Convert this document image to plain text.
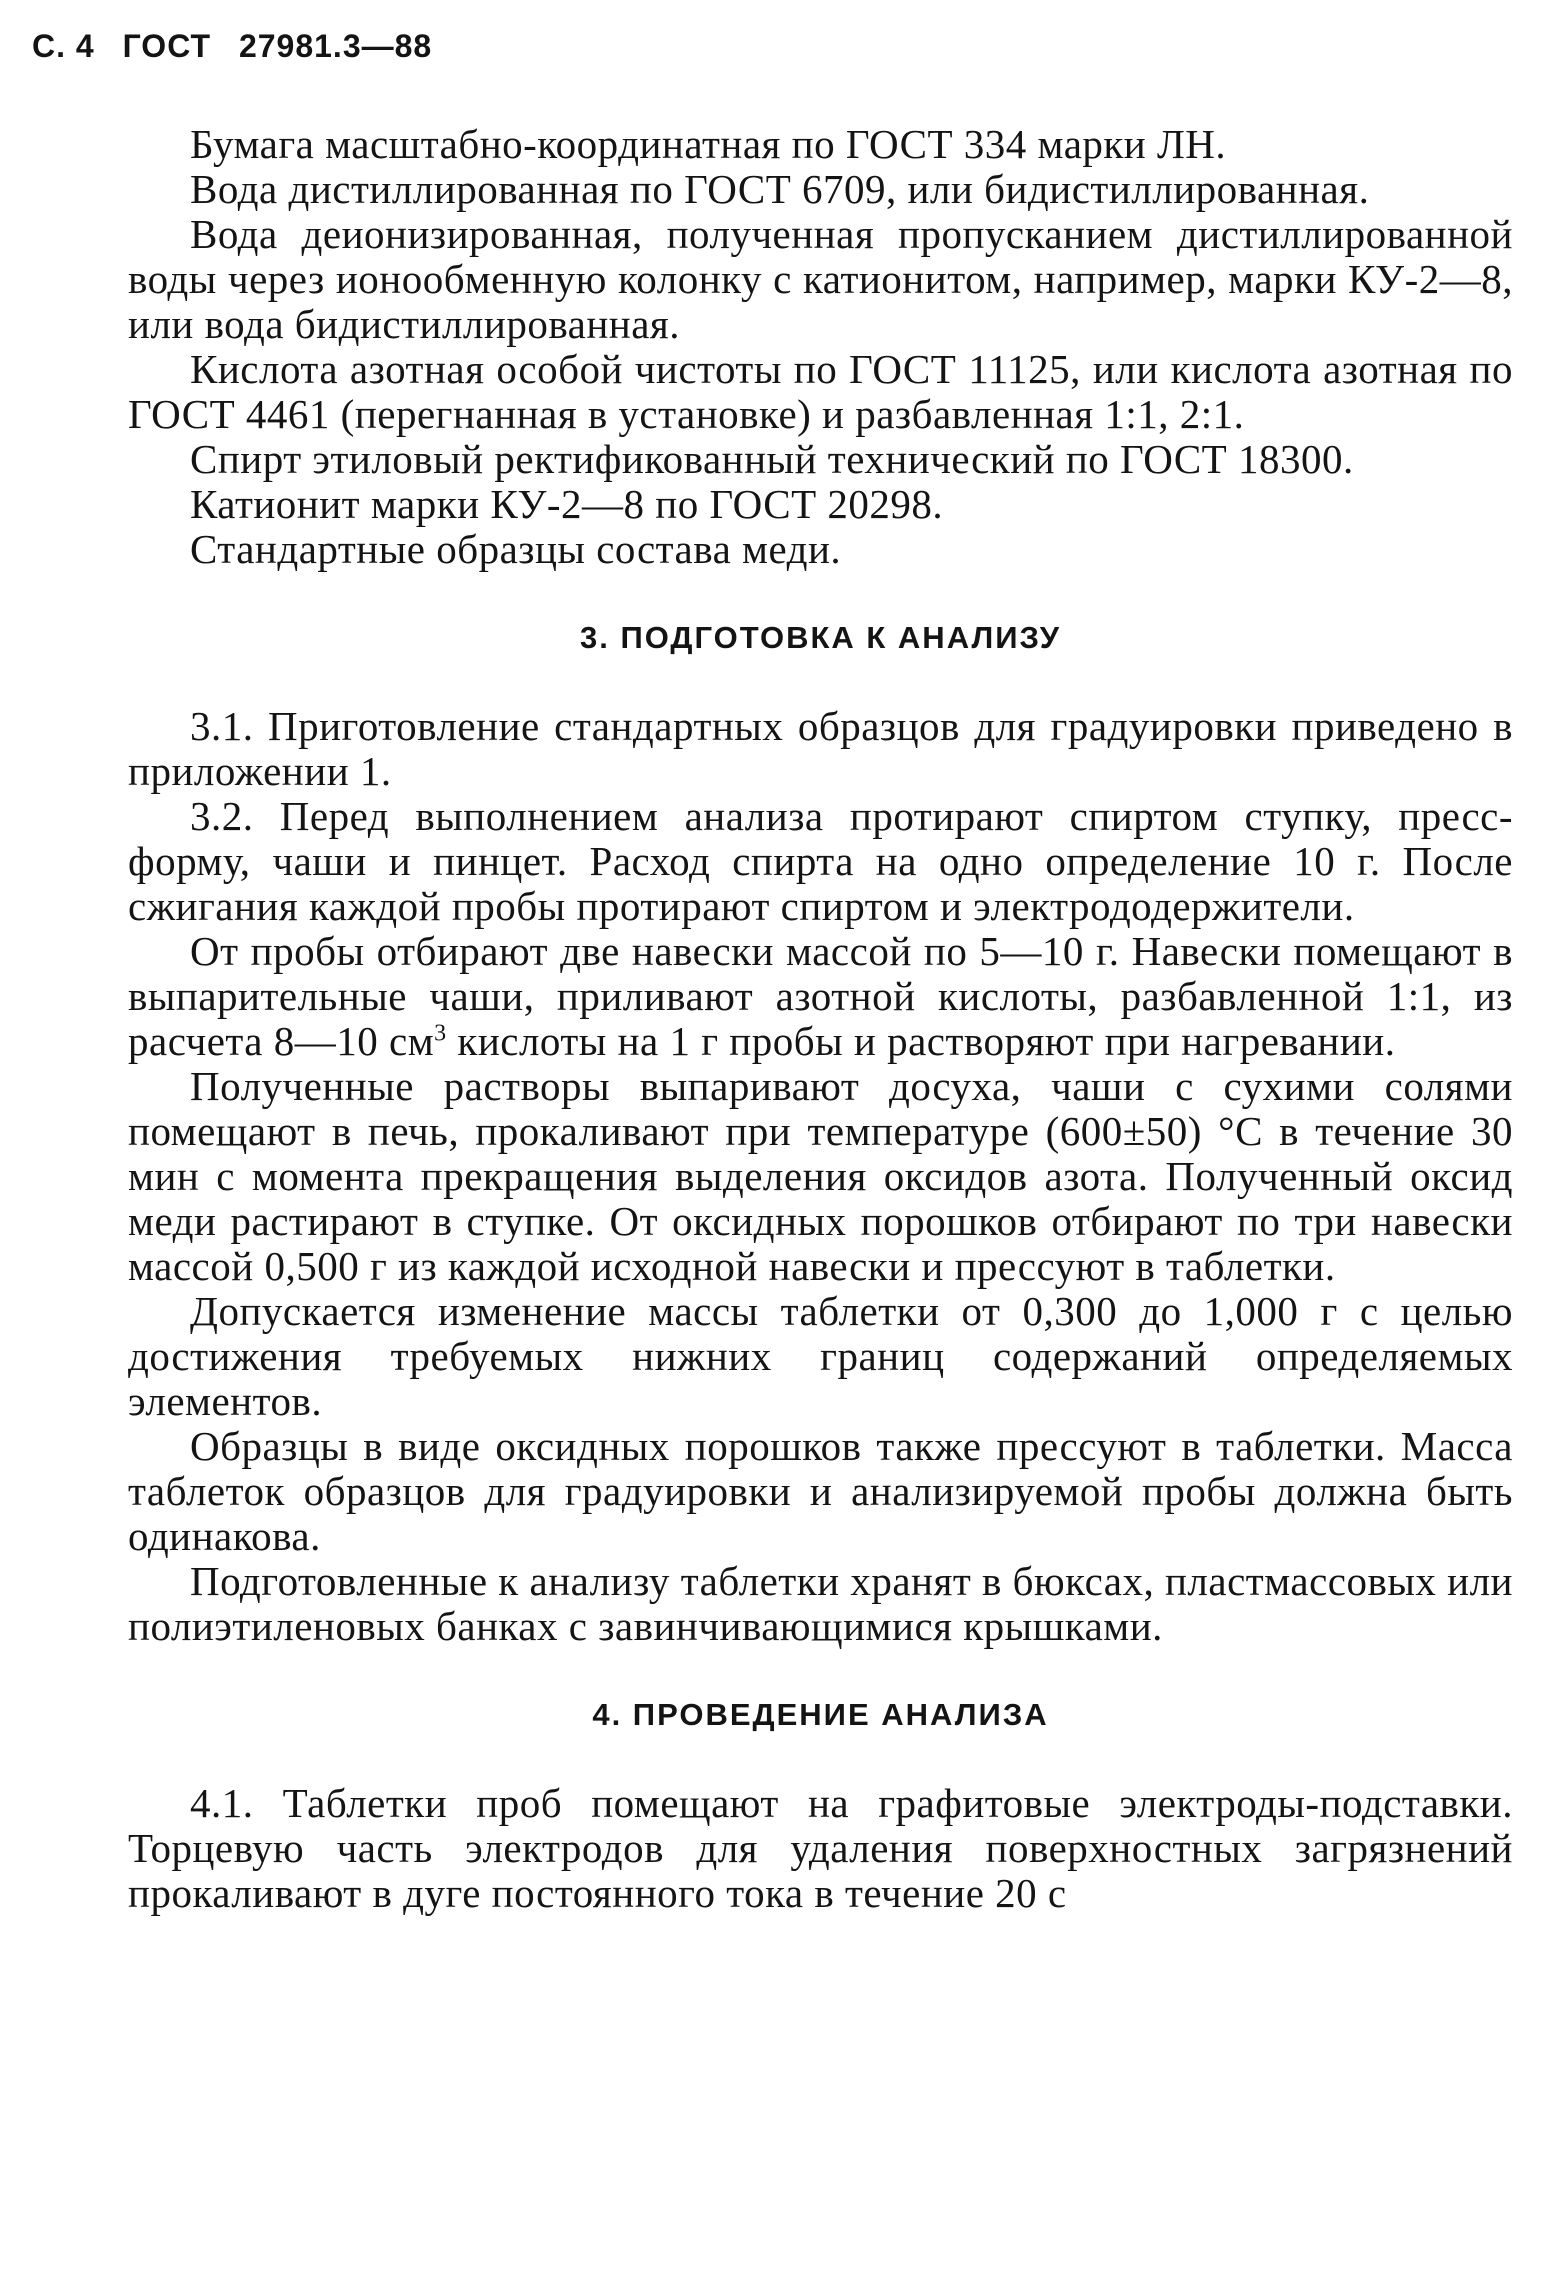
С. 4 ГОСТ 27981.3—88

Бумага масштабно-координатная по ГОСТ 334 марки ЛН.

Вода дистиллированная по ГОСТ 6709, или бидистиллированная.

Вода деионизированная, полученная пропусканием дистиллированной воды через ионообменную колонку с катионитом, например, марки КУ-2—8, или вода бидистиллированная.

Кислота азотная особой чистоты по ГОСТ 11125, или кислота азотная по ГОСТ 4461 (перегнанная в установке) и разбавленная 1:1, 2:1.

Спирт этиловый ректификованный технический по ГОСТ 18300.

Катионит марки КУ-2—8 по ГОСТ 20298.

Стандартные образцы состава меди.

3. ПОДГОТОВКА К АНАЛИЗУ

3.1. Приготовление стандартных образцов для градуировки приведено в приложении 1.

3.2. Перед выполнением анализа протирают спиртом ступку, пресс-форму, чаши и пинцет. Расход спирта на одно определение 10 г. После сжигания каждой пробы протирают спиртом и электрододержители.

От пробы отбирают две навески массой по 5—10 г. Навески помещают в выпарительные чаши, приливают азотной кислоты, разбавленной 1:1, из расчета 8—10 $см^3$ кислоты на 1 г пробы и растворяют при нагревании.

Полученные растворы выпаривают досуха, чаши с сухими солями помещают в печь, прокаливают при температуре (600±50) °С в течение 30 мин с момента прекращения выделения оксидов азота. Полученный оксид меди растирают в ступке. От оксидных порошков отбирают по три навески массой 0,500 г из каждой исходной навески и прессуют в таблетки.

Допускается изменение массы таблетки от 0,300 до 1,000 г с целью достижения требуемых нижних границ содержаний определяемых элементов.

Образцы в виде оксидных порошков также прессуют в таблетки. Масса таблеток образцов для градуировки и анализируемой пробы должна быть одинакова.

Подготовленные к анализу таблетки хранят в бюксах, пластмассовых или полиэтиленовых банках с завинчивающимися крышками.

4. ПРОВЕДЕНИЕ АНАЛИЗА

4.1. Таблетки проб помещают на графитовые электроды-подставки. Торцевую часть электродов для удаления поверхностных загрязнений прокаливают в дуге постоянного тока в течение 20 с
